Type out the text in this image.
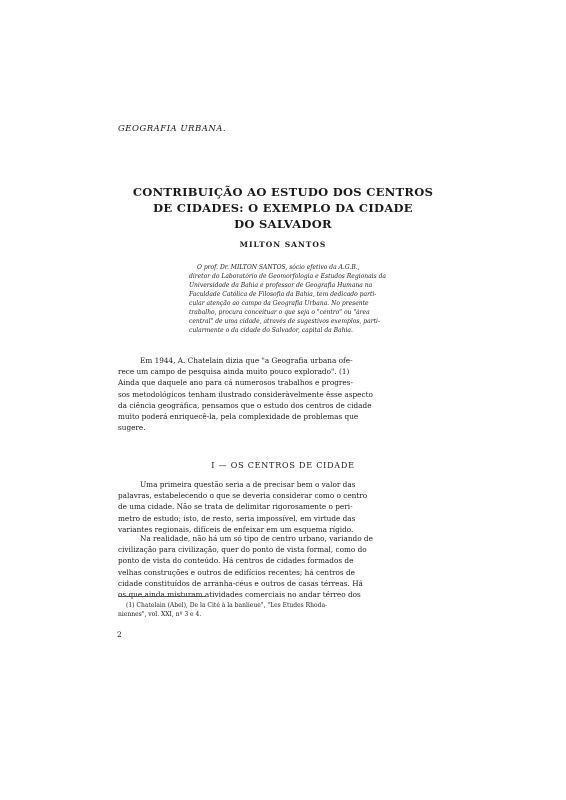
GEOGRAFIA URBANA.
CONTRIBUIÇÃO AO ESTUDO DOS CENTROS
DE CIDADES: O EXEMPLO DA CIDADE
DO SALVADOR
MILTON SANTOS
O prof. Dr. MILTON SANTOS, sócio efetivo da A.G.B.,
diretor do Laboratório de Geomorfologia e Estudos Regionais da
Universidade da Bahia e professor de Geografia Humana na
Faculdade Católica de Filosofia da Bahia, tem dedicado parti-
cular atenção ao campo da Geografia Urbana. No presente
trabalho, procura conceituar o que seja o "centro" ou "área
central" de uma cidade, através de sugestivos exemplos, parti-
cularmente o da cidade do Salvador, capital da Bahia.
Em 1944, A. Chatelain dizia que "a Geografia urbana ofe-
rece um campo de pesquisa ainda muito pouco explorado". (1)
Ainda que daquele ano para cá numerosos trabalhos e progres-
sos metodológicos tenham ilustrado consideràvelmente êsse aspecto
da ciência geográfica, pensamos que o estudo dos centros de cidade
muito poderá enriquecê-la, pela complexidade de problemas que
sugere.
I — OS CENTROS DE CIDADE
Uma primeira questão seria a de precisar bem o valor das
palavras, estabelecendo o que se deveria considerar como o centro
de uma cidade. Não se trata de delimitar rigorosamente o peri-
metro de estudo; isto, de resto, seria impossível, em virtude das
variantes regionais, difíceis de enfeixar em um esquema rígido.
Na realidade, não há um só tipo de centro urbano, variando de
civilização para civilização, quer do ponto de vista formal, como do
ponto de vista do conteúdo. Há centros de cidades formados de
velhas construções e outros de edifícios recentes; há centros de
cidade constituídos de arranha-céus e outros de casas térreas. Há
os que ainda misturam atividades comerciais no andar térreo dos
(1) Chatelain (Abel), De la Cité à la banlieue", "Les Etudes Rhoda-
niennes", vol. XXI, nº 3 e 4.
2
